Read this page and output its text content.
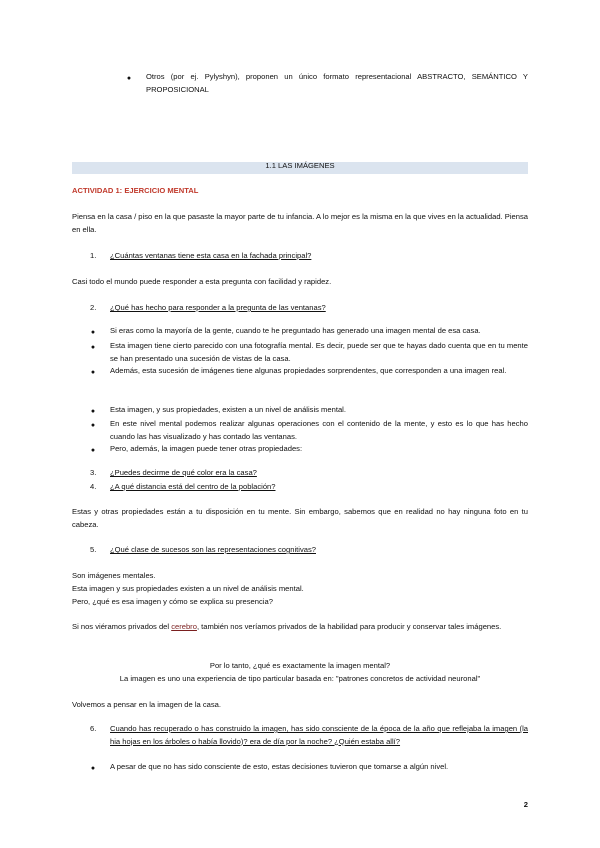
●	Otros (por ej. Pylyshyn), proponen un único formato representacional ABSTRACTO, SEMÁNTICO Y PROPOSICIONAL
1.1 LAS IMÁGENES
ACTIVIDAD 1: EJERCICIO MENTAL
Piensa en la casa / piso en la que pasaste la mayor parte de tu infancia. A lo mejor es la misma en la que vives en la actualidad. Piensa en ella.
1. ¿Cuántas ventanas tiene esta casa en la fachada principal?
Casi todo el mundo puede responder a esta pregunta con facilidad y rapidez.
2. ¿Qué has hecho para responder a la pregunta de las ventanas?
●	Si eras como la mayoría de la gente, cuando te he preguntado has generado una imagen mental de esa casa.
●	Esta imagen tiene cierto parecido con una fotografía mental. Es decir, puede ser que te hayas dado cuenta que en tu mente se han presentado una sucesión de vistas de la casa.
●	Además, esta sucesión de imágenes tiene algunas propiedades sorprendentes, que corresponden a una imagen real.
●	Esta imagen, y sus propiedades, existen a un nivel de análisis mental.
●	En este nivel mental podemos realizar algunas operaciones con el contenido de la mente, y esto es lo que has hecho cuando las has visualizado y has contado las ventanas.
●	Pero, además, la imagen puede tener otras propiedades:
3. ¿Puedes decirme de qué color era la casa?
4. ¿A qué distancia está del centro de la población?
Estas y otras propiedades están a tu disposición en tu mente. Sin embargo, sabemos que en realidad no hay ninguna foto en tu cabeza.
5. ¿Qué clase de sucesos son las representaciones cognitivas?
Son imágenes mentales.
Esta imagen y sus propiedades existen a un nivel de análisis mental.
Pero, ¿qué es esa imagen y cómo se explica su presencia?
Si nos viéramos privados del cerebro, también nos veríamos privados de la habilidad para producir y conservar tales imágenes.
Por lo tanto, ¿qué es exactamente la imagen mental?
La imagen es uno una experiencia de tipo particular basada en: "patrones concretos de actividad neuronal"
Volvemos a pensar en la imagen de la casa.
6. Cuando has recuperado o has construido la imagen, has sido consciente de la época de la año que reflejaba la imagen (la hia hojas en los árboles o había llovido)? era de día por la noche? ¿Quién estaba allí?
●	A pesar de que no has sido consciente de esto, estas decisiones tuvieron que tomarse a algún nivel.
2
